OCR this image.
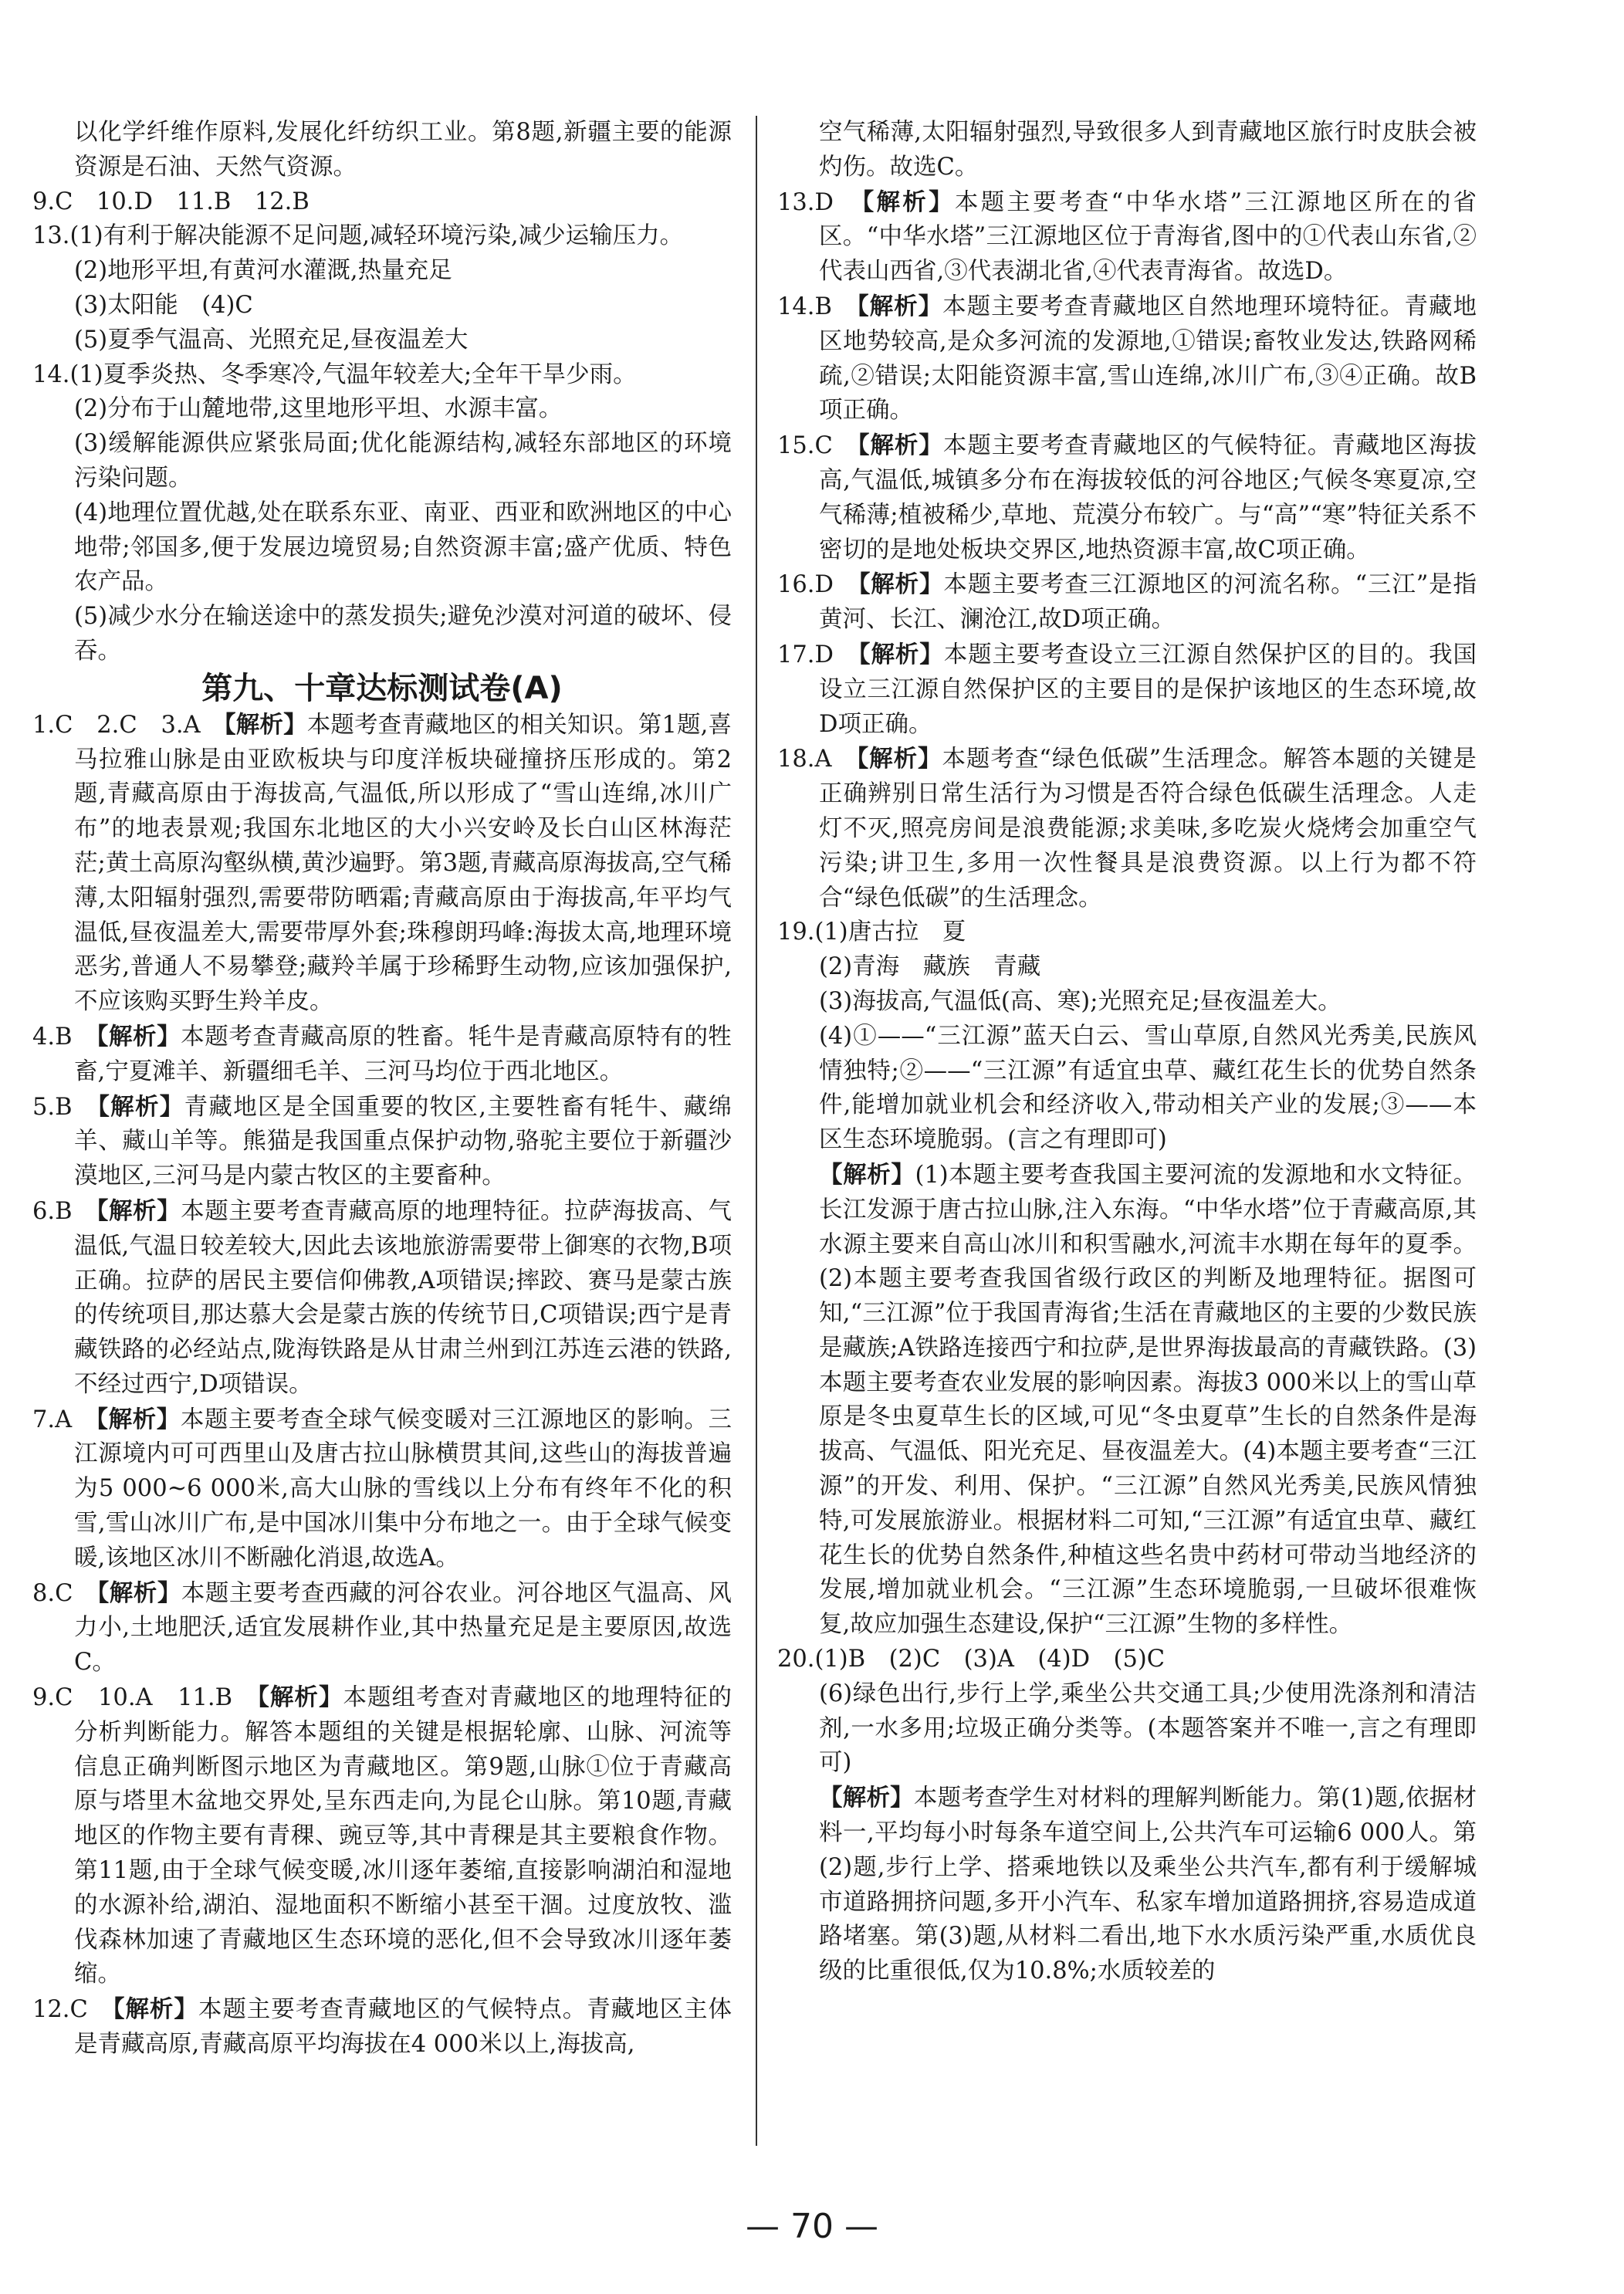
以化学纤维作原料,发展化纤纺织工业。第8题,新疆主要的能源资源是石油、天然气资源。

9.C　10.D　11.B　12.B

13.(1)有利于解决能源不足问题,减轻环境污染,减少运输压力。

(2)地形平坦,有黄河水灌溉,热量充足

(3)太阳能　(4)C

(5)夏季气温高、光照充足,昼夜温差大

14.(1)夏季炎热、冬季寒冷,气温年较差大;全年干旱少雨。

(2)分布于山麓地带,这里地形平坦、水源丰富。

(3)缓解能源供应紧张局面;优化能源结构,减轻东部地区的环境污染问题。

(4)地理位置优越,处在联系东亚、南亚、西亚和欧洲地区的中心地带;邻国多,便于发展边境贸易;自然资源丰富;盛产优质、特色农产品。

(5)减少水分在输送途中的蒸发损失;避免沙漠对河道的破坏、侵吞。

第九、十章达标测试卷(A)

1.C　2.C　3.A　【解析】本题考查青藏地区的相关知识。第1题,喜马拉雅山脉是由亚欧板块与印度洋板块碰撞挤压形成的。第2题,青藏高原由于海拔高,气温低,所以形成了“雪山连绵,冰川广布”的地表景观;我国东北地区的大小兴安岭及长白山区林海茫茫;黄土高原沟壑纵横,黄沙遍野。第3题,青藏高原海拔高,空气稀薄,太阳辐射强烈,需要带防晒霜;青藏高原由于海拔高,年平均气温低,昼夜温差大,需要带厚外套;珠穆朗玛峰:海拔太高,地理环境恶劣,普通人不易攀登;藏羚羊属于珍稀野生动物,应该加强保护,不应该购买野生羚羊皮。

4.B　【解析】本题考查青藏高原的牲畜。牦牛是青藏高原特有的牲畜,宁夏滩羊、新疆细毛羊、三河马均位于西北地区。

5.B　【解析】青藏地区是全国重要的牧区,主要牲畜有牦牛、藏绵羊、藏山羊等。熊猫是我国重点保护动物,骆驼主要位于新疆沙漠地区,三河马是内蒙古牧区的主要畜种。

6.B　【解析】本题主要考查青藏高原的地理特征。拉萨海拔高、气温低,气温日较差较大,因此去该地旅游需要带上御寒的衣物,B项正确。拉萨的居民主要信仰佛教,A项错误;摔跤、赛马是蒙古族的传统项目,那达慕大会是蒙古族的传统节日,C项错误;西宁是青藏铁路的必经站点,陇海铁路是从甘肃兰州到江苏连云港的铁路,不经过西宁,D项错误。

7.A　【解析】本题主要考查全球气候变暖对三江源地区的影响。三江源境内可可西里山及唐古拉山脉横贯其间,这些山的海拔普遍为5 000~6 000米,高大山脉的雪线以上分布有终年不化的积雪,雪山冰川广布,是中国冰川集中分布地之一。由于全球气候变暖,该地区冰川不断融化消退,故选A。

8.C　【解析】本题主要考查西藏的河谷农业。河谷地区气温高、风力小,土地肥沃,适宜发展耕作业,其中热量充足是主要原因,故选C。

9.C　10.A　11.B　【解析】本题组考查对青藏地区的地理特征的分析判断能力。解答本题组的关键是根据轮廓、山脉、河流等信息正确判断图示地区为青藏地区。第9题,山脉①位于青藏高原与塔里木盆地交界处,呈东西走向,为昆仑山脉。第10题,青藏地区的作物主要有青稞、豌豆等,其中青稞是其主要粮食作物。第11题,由于全球气候变暖,冰川逐年萎缩,直接影响湖泊和湿地的水源补给,湖泊、湿地面积不断缩小甚至干涸。过度放牧、滥伐森林加速了青藏地区生态环境的恶化,但不会导致冰川逐年萎缩。

12.C　【解析】本题主要考查青藏地区的气候特点。青藏地区主体是青藏高原,青藏高原平均海拔在4 000米以上,海拔高,

空气稀薄,太阳辐射强烈,导致很多人到青藏地区旅行时皮肤会被灼伤。故选C。

13.D　【解析】本题主要考查“中华水塔”三江源地区所在的省区。“中华水塔”三江源地区位于青海省,图中的①代表山东省,②代表山西省,③代表湖北省,④代表青海省。故选D。

14.B　【解析】本题主要考查青藏地区自然地理环境特征。青藏地区地势较高,是众多河流的发源地,①错误;畜牧业发达,铁路网稀疏,②错误;太阳能资源丰富,雪山连绵,冰川广布,③④正确。故B项正确。

15.C　【解析】本题主要考查青藏地区的气候特征。青藏地区海拔高,气温低,城镇多分布在海拔较低的河谷地区;气候冬寒夏凉,空气稀薄;植被稀少,草地、荒漠分布较广。与“高”“寒”特征关系不密切的是地处板块交界区,地热资源丰富,故C项正确。

16.D　【解析】本题主要考查三江源地区的河流名称。“三江”是指黄河、长江、澜沧江,故D项正确。

17.D　【解析】本题主要考查设立三江源自然保护区的目的。我国设立三江源自然保护区的主要目的是保护该地区的生态环境,故D项正确。

18.A　【解析】本题考查“绿色低碳”生活理念。解答本题的关键是正确辨别日常生活行为习惯是否符合绿色低碳生活理念。人走灯不灭,照亮房间是浪费能源;求美味,多吃炭火烧烤会加重空气污染;讲卫生,多用一次性餐具是浪费资源。以上行为都不符合“绿色低碳”的生活理念。

19.(1)唐古拉　夏

(2)青海　藏族　青藏

(3)海拔高,气温低(高、寒);光照充足;昼夜温差大。

(4)①——“三江源”蓝天白云、雪山草原,自然风光秀美,民族风情独特;②——“三江源”有适宜虫草、藏红花生长的优势自然条件,能增加就业机会和经济收入,带动相关产业的发展;③——本区生态环境脆弱。(言之有理即可)

【解析】(1)本题主要考查我国主要河流的发源地和水文特征。长江发源于唐古拉山脉,注入东海。“中华水塔”位于青藏高原,其水源主要来自高山冰川和积雪融水,河流丰水期在每年的夏季。(2)本题主要考查我国省级行政区的判断及地理特征。据图可知,“三江源”位于我国青海省;生活在青藏地区的主要的少数民族是藏族;A铁路连接西宁和拉萨,是世界海拔最高的青藏铁路。(3)本题主要考查农业发展的影响因素。海拔3 000米以上的雪山草原是冬虫夏草生长的区域,可见“冬虫夏草”生长的自然条件是海拔高、气温低、阳光充足、昼夜温差大。(4)本题主要考查“三江源”的开发、利用、保护。“三江源”自然风光秀美,民族风情独特,可发展旅游业。根据材料二可知,“三江源”有适宜虫草、藏红花生长的优势自然条件,种植这些名贵中药材可带动当地经济的发展,增加就业机会。“三江源”生态环境脆弱,一旦破坏很难恢复,故应加强生态建设,保护“三江源”生物的多样性。

20.(1)B　(2)C　(3)A　(4)D　(5)C

(6)绿色出行,步行上学,乘坐公共交通工具;少使用洗涤剂和清洁剂,一水多用;垃圾正确分类等。(本题答案并不唯一,言之有理即可)

【解析】本题考查学生对材料的理解判断能力。第(1)题,依据材料一,平均每小时每条车道空间上,公共汽车可运输6 000人。第(2)题,步行上学、搭乘地铁以及乘坐公共汽车,都有利于缓解城市道路拥挤问题,多开小汽车、私家车增加道路拥挤,容易造成道路堵塞。第(3)题,从材料二看出,地下水水质污染严重,水质优良级的比重很低,仅为10.8%;水质较差的

— 70 —
